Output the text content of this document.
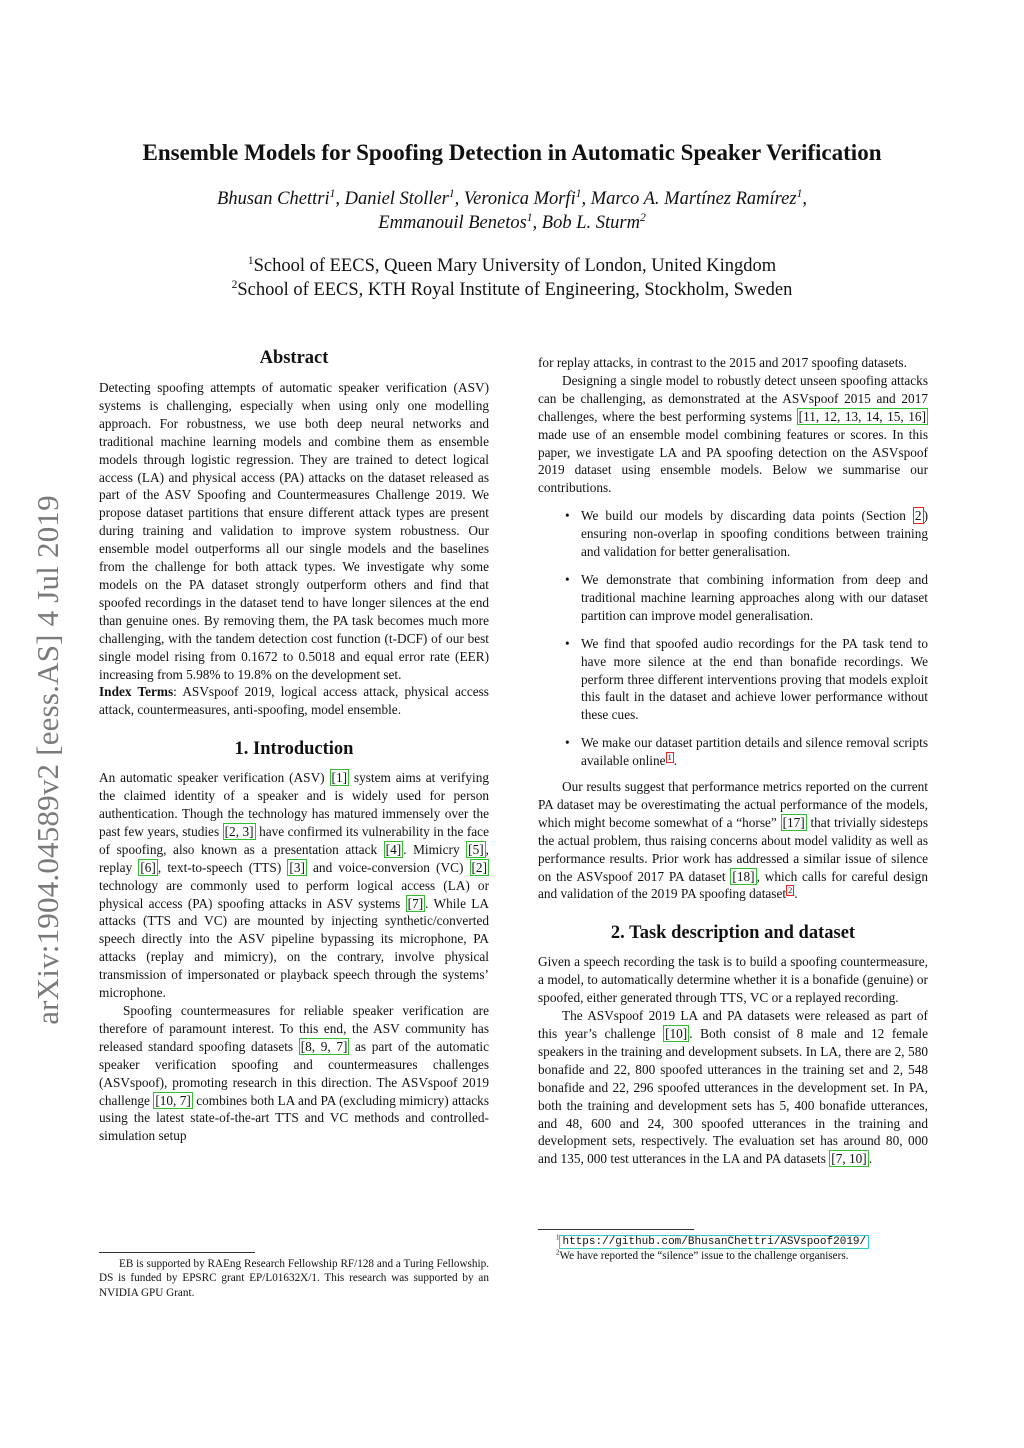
arXiv:1904.04589v2 [eess.AS] 4 Jul 2019
Ensemble Models for Spoofing Detection in Automatic Speaker Verification
Bhusan Chettri$^1$, Daniel Stoller$^1$, Veronica Morfi$^1$, Marco A. Martínez Ramírez$^1$,
Emmanouil Benetos$^1$, Bob L. Sturm$^2$
$^1$School of EECS, Queen Mary University of London, United Kingdom
$^2$School of EECS, KTH Royal Institute of Engineering, Stockholm, Sweden
Abstract

Detecting spoofing attempts of automatic speaker verification (ASV) systems is challenging, especially when using only one modelling approach. For robustness, we use both deep neural networks and traditional machine learning models and combine them as ensemble models through logistic regression. They are trained to detect logical access (LA) and physical access (PA) attacks on the dataset released as part of the ASV Spoofing and Countermeasures Challenge 2019. We propose dataset partitions that ensure different attack types are present during training and validation to improve system robustness. Our ensemble model outperforms all our single models and the baselines from the challenge for both attack types. We investigate why some models on the PA dataset strongly outperform others and find that spoofed recordings in the dataset tend to have longer silences at the end than genuine ones. By removing them, the PA task becomes much more challenging, with the tandem detection cost function (t-DCF) of our best single model rising from 0.1672 to 0.5018 and equal error rate (EER) increasing from 5.98% to 19.8% on the development set.

Index Terms: ASVspoof 2019, logical access attack, physical access attack, countermeasures, anti-spoofing, model ensemble.

1. Introduction

An automatic speaker verification (ASV) [1] system aims at verifying the claimed identity of a speaker and is widely used for person authentication. Though the technology has matured immensely over the past few years, studies [2, 3] have confirmed its vulnerability in the face of spoofing, also known as a presentation attack [4] . Mimicry [5] , replay [6] , text-to-speech (TTS) [3] and voice-conversion (VC) [2] technology are commonly used to perform logical access (LA) or physical access (PA) spoofing attacks in ASV systems [7] . While LA attacks (TTS and VC) are mounted by injecting synthetic/converted speech directly into the ASV pipeline bypassing its microphone, PA attacks (replay and mimicry), on the contrary, involve physical transmission of impersonated or playback speech through the systems’ microphone.

Spoofing countermeasures for reliable speaker verification are therefore of paramount interest. To this end, the ASV community has released standard spoofing datasets [8, 9, 7] as part of the automatic speaker verification spoofing and countermeasures challenges (ASVspoof), promoting research in this direction. The ASVspoof 2019 challenge [10, 7] combines both LA and PA (excluding mimicry) attacks using the latest state-of-the-art TTS and VC methods and controlled-simulation setup

for replay attacks, in contrast to the 2015 and 2017 spoofing datasets.

Designing a single model to robustly detect unseen spoofing attacks can be challenging, as demonstrated at the ASVspoof 2015 and 2017 challenges, where the best performing systems [11, 12, 13, 14, 15, 16] made use of an ensemble model combining features or scores. In this paper, we investigate LA and PA spoofing detection on the ASVspoof 2019 dataset using ensemble models. Below we summarise our contributions.

• We build our models by discarding data points (Section 2 ) ensuring non-overlap in spoofing conditions between training and validation for better generalisation.
• We demonstrate that combining information from deep and traditional machine learning approaches along with our dataset partition can improve model generalisation.
• We find that spoofed audio recordings for the PA task tend to have more silence at the end than bonafide recordings. We perform three different interventions proving that models exploit this fault in the dataset and achieve lower performance without these cues.
• We make our dataset partition details and silence removal scripts available online $^1$ .

Our results suggest that performance metrics reported on the current PA dataset may be overestimating the actual performance of the models, which might become somewhat of a “horse” [17] that trivially sidesteps the actual problem, thus raising concerns about model validity as well as performance results. Prior work has addressed a similar issue of silence on the ASVspoof 2017 PA dataset [18] , which calls for careful design and validation of the 2019 PA spoofing dataset $^2$ .

2. Task description and dataset

Given a speech recording the task is to build a spoofing countermeasure, a model, to automatically determine whether it is a bonafide (genuine) or spoofed, either generated through TTS, VC or a replayed recording.

The ASVspoof 2019 LA and PA datasets were released as part of this year’s challenge [10] . Both consist of 8 male and 12 female speakers in the training and development subsets. In LA, there are 2, 580 bonafide and 22, 800 spoofed utterances in the training set and 2, 548 bonafide and 22, 296 spoofed utterances in the development set. In PA, both the training and development sets has 5, 400 bonafide utterances, and 48, 600 and 24, 300 spoofed utterances in the training and development sets, respectively. The evaluation set has around 80, 000 and 135, 000 test utterances in the LA and PA datasets [7, 10] .

EB is supported by RAEng Research Fellowship RF/128 and a Turing Fellowship. DS is funded by EPSRC grant EP/L01632X/1. This research was supported by an NVIDIA GPU Grant.

$^1$ https://github.com/BhusanChettri/ASVspoof2019/

$^2$We have reported the “silence” issue to the challenge organisers.
